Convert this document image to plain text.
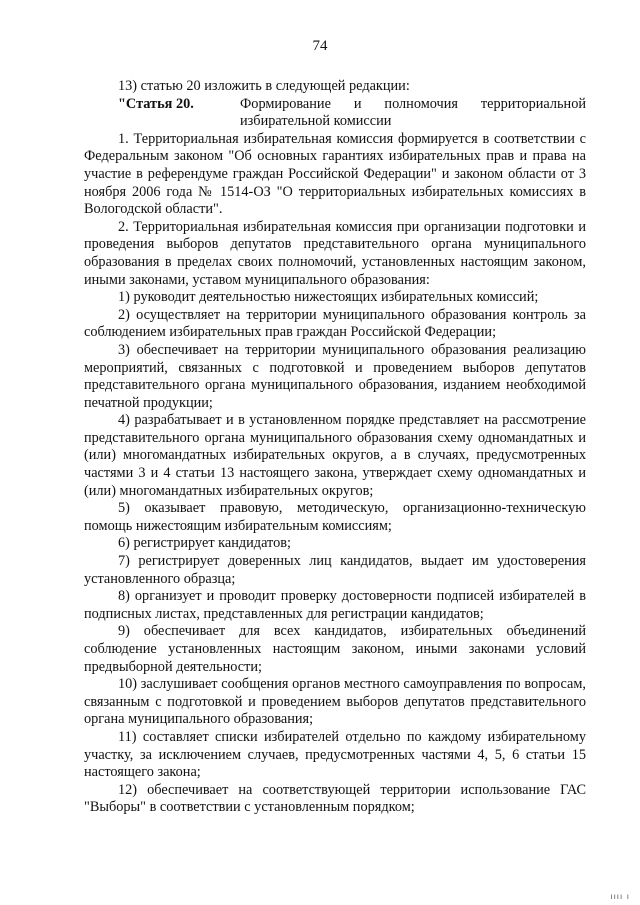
74

13) статью 20 изложить в следующей редакции:

"Статья 20.	Формирование и полномочия территориальной избирательной комиссии

1. Территориальная избирательная комиссия формируется в соответствии с Федеральным законом "Об основных гарантиях избирательных прав и права на участие в референдуме граждан Российской Федерации" и законом области от 3 ноября 2006 года № 1514-ОЗ "О территориальных избирательных комиссиях в Вологодской области".

2. Территориальная избирательная комиссия при организации подготовки и проведения выборов депутатов представительного органа муниципального образования в пределах своих полномочий, установленных настоящим законом, иными законами, уставом муниципального образования:

1) руководит деятельностью нижестоящих избирательных комиссий;

2) осуществляет на территории муниципального образования контроль за соблюдением избирательных прав граждан Российской Федерации;

3) обеспечивает на территории муниципального образования реализацию мероприятий, связанных с подготовкой и проведением выборов депутатов представительного органа муниципального образования, изданием необходимой печатной продукции;

4) разрабатывает и в установленном порядке представляет на рассмотрение представительного органа муниципального образования схему одномандатных и (или) многомандатных избирательных округов, а в случаях, предусмотренных частями 3 и 4 статьи 13 настоящего закона, утверждает схему одномандатных и (или) многомандатных избирательных округов;

5) оказывает правовую, методическую, организационно-техническую помощь нижестоящим избирательным комиссиям;

6) регистрирует кандидатов;

7) регистрирует доверенных лиц кандидатов, выдает им удостоверения установленного образца;

8) организует и проводит проверку достоверности подписей избирателей в подписных листах, представленных для регистрации кандидатов;

9) обеспечивает для всех кандидатов, избирательных объединений соблюдение установленных настоящим законом, иными законами условий предвыборной деятельности;

10) заслушивает сообщения органов местного самоуправления по вопросам, связанным с подготовкой и проведением выборов депутатов представительного органа муниципального образования;

11) составляет списки избирателей отдельно по каждому избирательному участку, за исключением случаев, предусмотренных частями 4, 5, 6 статьи 15 настоящего закона;

12) обеспечивает на соответствующей территории использование ГАС "Выборы" в соответствии с установленным порядком;

ıııı ı
